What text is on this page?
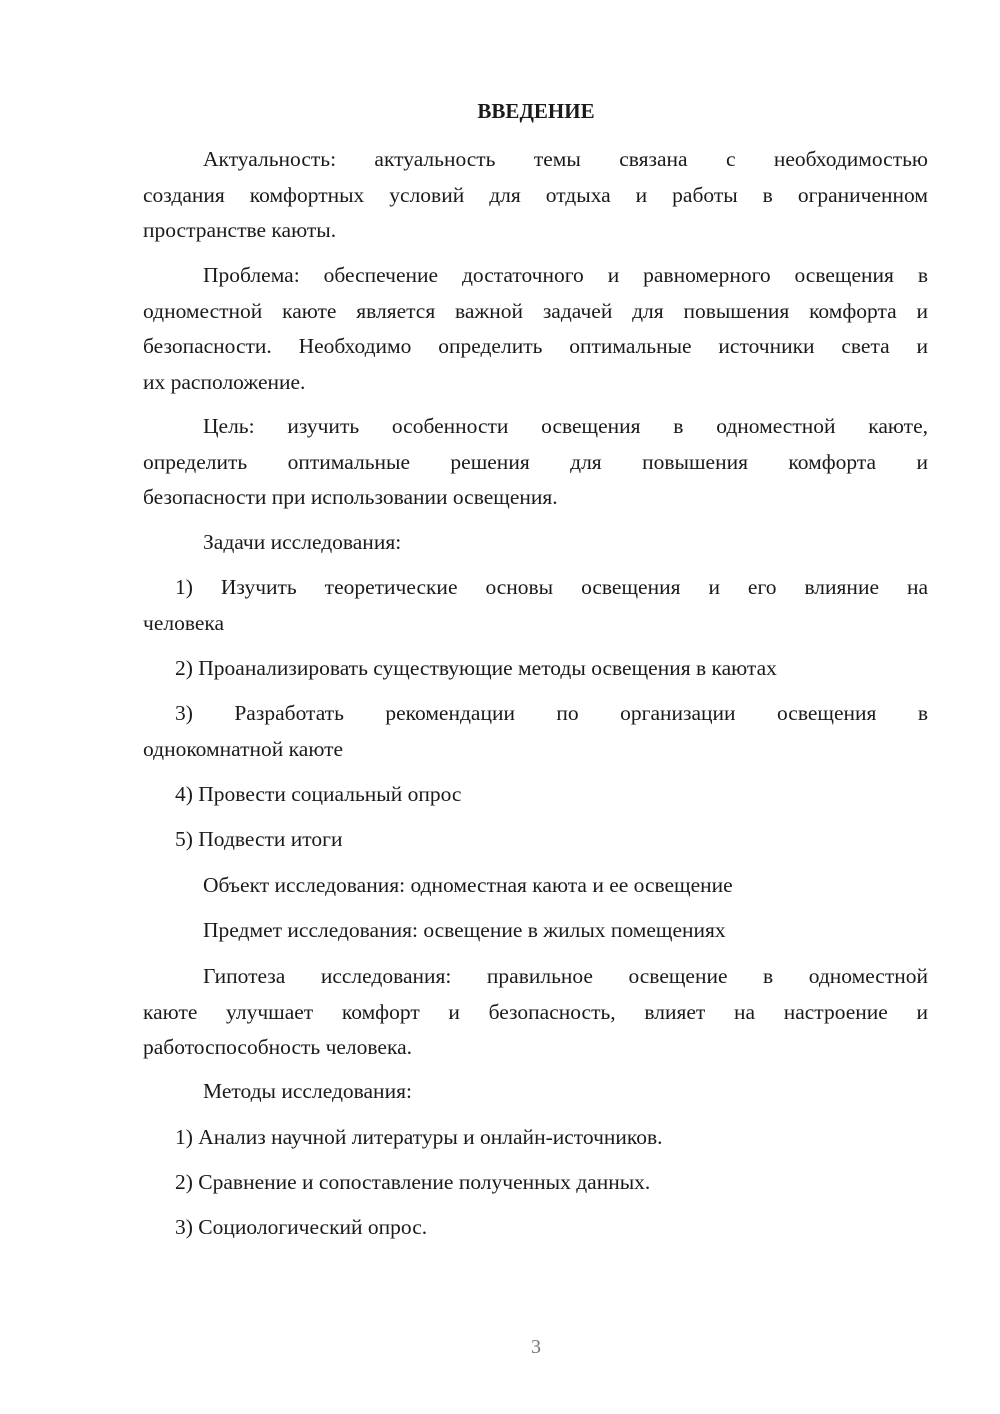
ВВЕДЕНИЕ
Актуальность: актуальность темы связана с необходимостью
создания комфортных условий для отдыха и работы в ограниченном
пространстве каюты.
Проблема: обеспечение достаточного и равномерного освещения в
одноместной каюте является важной задачей для повышения комфорта и
безопасности. Необходимо определить оптимальные источники света и
их расположение.
Цель: изучить особенности освещения в одноместной каюте,
определить оптимальные решения для повышения комфорта и
безопасности при использовании освещения.
Задачи исследования:
1) Изучить теоретические основы освещения и его влияние на
человека
2) Проанализировать существующие методы освещения в каютах
3) Разработать рекомендации по организации освещения в
однокомнатной каюте
4) Провести социальный опрос
5) Подвести итоги
Объект исследования: одноместная каюта и ее освещение
Предмет исследования: освещение в жилых помещениях
Гипотеза исследования: правильное освещение в одноместной
каюте улучшает комфорт и безопасность, влияет на настроение и
работоспособность человека.
Методы исследования:
1) Анализ научной литературы и онлайн-источников.
2) Сравнение и сопоставление полученных данных.
3) Социологический опрос.
3
